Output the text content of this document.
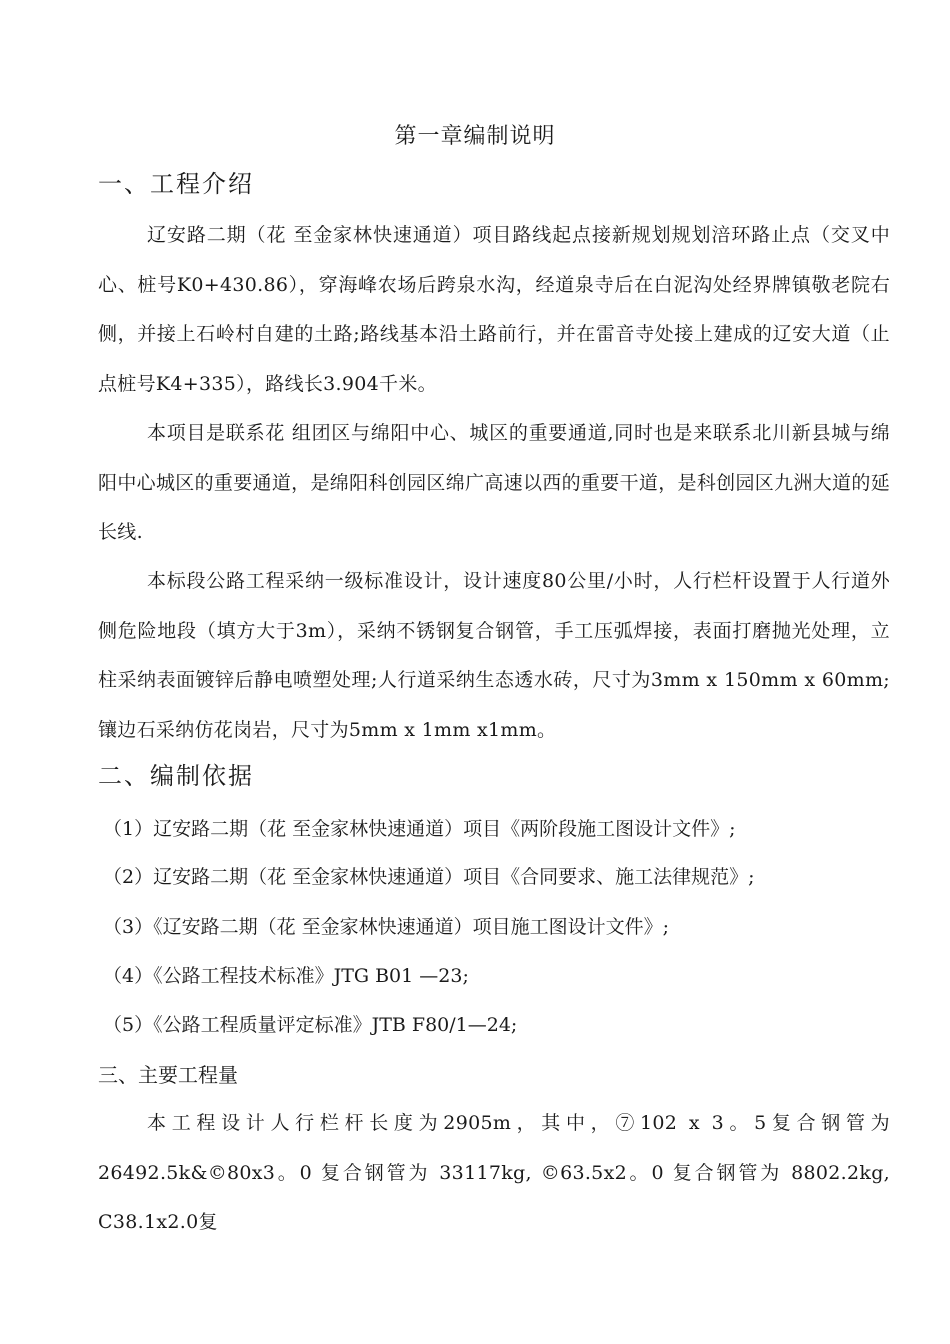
第一章编制说明
一、工程介绍

辽安路二期（花 至金家林快速通道）项目路线起点接新规划规划涪环路止点（交叉中心、桩号K0+430.86），穿海峰农场后跨泉水沟，经道泉寺后在白泥沟处经界牌镇敬老院右侧，并接上石岭村自建的土路;路线基本沿土路前行，并在雷音寺处接上建成的辽安大道（止点桩号K4+335），路线长3.904千米。

本项目是联系花 组团区与绵阳中心、城区的重要通道,同时也是来联系北川新县城与绵阳中心城区的重要通道，是绵阳科创园区绵广高速以西的重要干道，是科创园区九洲大道的延长线.

本标段公路工程采纳一级标准设计，设计速度80公里/小时，人行栏杆设置于人行道外侧危险地段（填方大于3m），采纳不锈钢复合钢管，手工压弧焊接，表面打磨抛光处理，立柱采纳表面镀锌后静电喷塑处理;人行道采纳生态透水砖，尺寸为3mm x 150mm x 60mm;镶边石采纳仿花岗岩，尺寸为5mm x 1mm x1mm。

二、编制依据
（1）辽安路二期（花 至金家林快速通道）项目《两阶段施工图设计文件》;
（2）辽安路二期（花 至金家林快速通道）项目《合同要求、施工法律规范》;
（3）《辽安路二期（花 至金家林快速通道）项目施工图设计文件》;
（4）《公路工程技术标准》JTG B01 —23;
（5）《公路工程质量评定标准》JTB F80/1—24;
三、主要工程量

本工程设计人行栏杆长度为2905m，其中，⑦102 x 3。5复合钢管为26492.5k&©80x3。0 复合钢管为 33117kg, ©63.5x2。0 复合钢管为 8802.2kg, C38.1x2.0复
